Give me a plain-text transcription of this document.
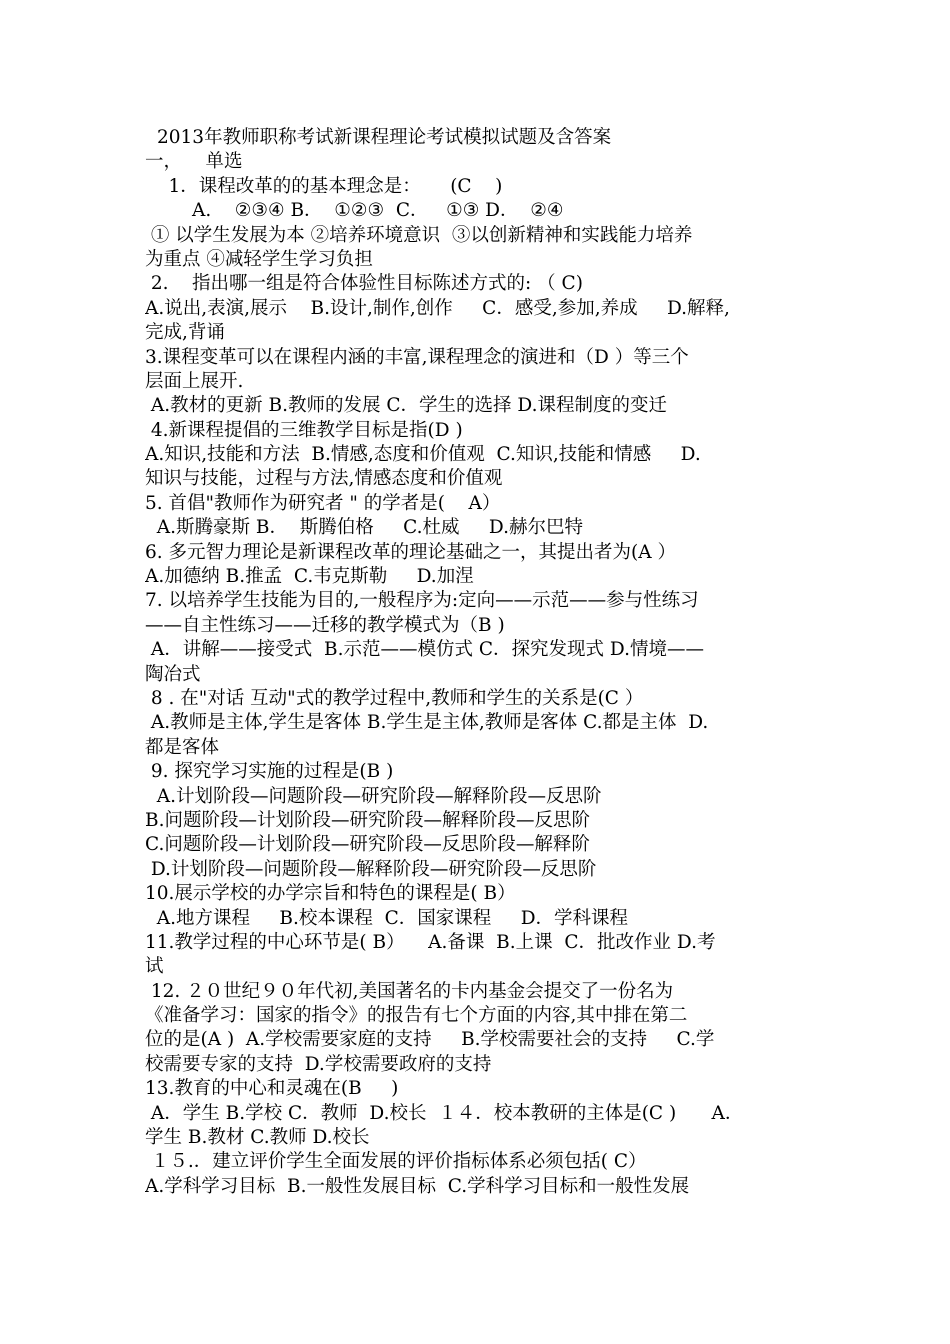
2013年教师职称考试新课程理论考试模拟试题及含答案
一，    单选
1．课程改革的的基本理念是：     (C    )
A.    ②③④ B．  ①②③  C．   ①③ D．  ②④
① 以学生发展为本 ②培养环境意识  ③以创新精神和实践能力培养
为重点 ④减轻学生学习负担
2.    指出哪一组是符合体验性目标陈述方式的: （ C)
A.说出,表演,展示    B.设计,制作,创作     C．感受,参加,养成     D.解释,
完成,背诵
3.课程变革可以在课程内涵的丰富,课程理念的演进和（D ）等三个
层面上展开.
A.教材的更新 B.教师的发展 C．学生的选择 D.课程制度的变迁
4.新课程提倡的三维教学目标是指(D )
A.知识,技能和方法  B.情感,态度和价值观  C.知识,技能和情感     D.
知识与技能，过程与方法,情感态度和价值观
5. 首倡"教师作为研究者 " 的学者是(    A）
A.斯腾豪斯 B．  斯腾伯格     C.杜威     D.赫尔巴特
6. 多元智力理论是新课程改革的理论基础之一，其提出者为(A ）
A.加德纳 B.推孟  C.韦克斯勒     D.加涅
7. 以培养学生技能为目的,一般程序为:定向——示范——参与性练习
——自主性练习——迁移的教学模式为（B )
A．讲解——接受式  B.示范——模仿式 C．探究发现式 D.情境——
陶冶式
8 . 在"对话 互动"式的教学过程中,教师和学生的关系是(C ）
A.教师是主体,学生是客体 B.学生是主体,教师是客体 C.都是主体  D.
都是客体
9. 探究学习实施的过程是(B )
A.计划阶段—问题阶段—研究阶段—解释阶段—反思阶
B.问题阶段—计划阶段—研究阶段—解释阶段—反思阶
C.问题阶段—计划阶段—研究阶段—反思阶段—解释阶
D.计划阶段—问题阶段—解释阶段—研究阶段—反思阶
10.展示学校的办学宗旨和特色的课程是( B）
A.地方课程     B.校本课程  C．国家课程     D．学科课程
11.教学过程的中心环节是( B）    A.备课  B.上课  C．批改作业 D.考
试
12. ２０世纪９０年代初,美国著名的卡内基金会提交了一份名为
《准备学习：国家的指令》的报告有七个方面的内容,其中排在第二
位的是(A )  A.学校需要家庭的支持     B.学校需要社会的支持     C.学
校需要专家的支持  D.学校需要政府的支持
13.教育的中心和灵魂在(B     )
A．学生 B.学校 C．教师  D.校长  １４．校本教研的主体是(C )      A．
学生 B.教材 C.教师 D.校长
１５.．建立评价学生全面发展的评价指标体系必须包括( C）
A.学科学习目标  B.一般性发展目标  C.学科学习目标和一般性发展
